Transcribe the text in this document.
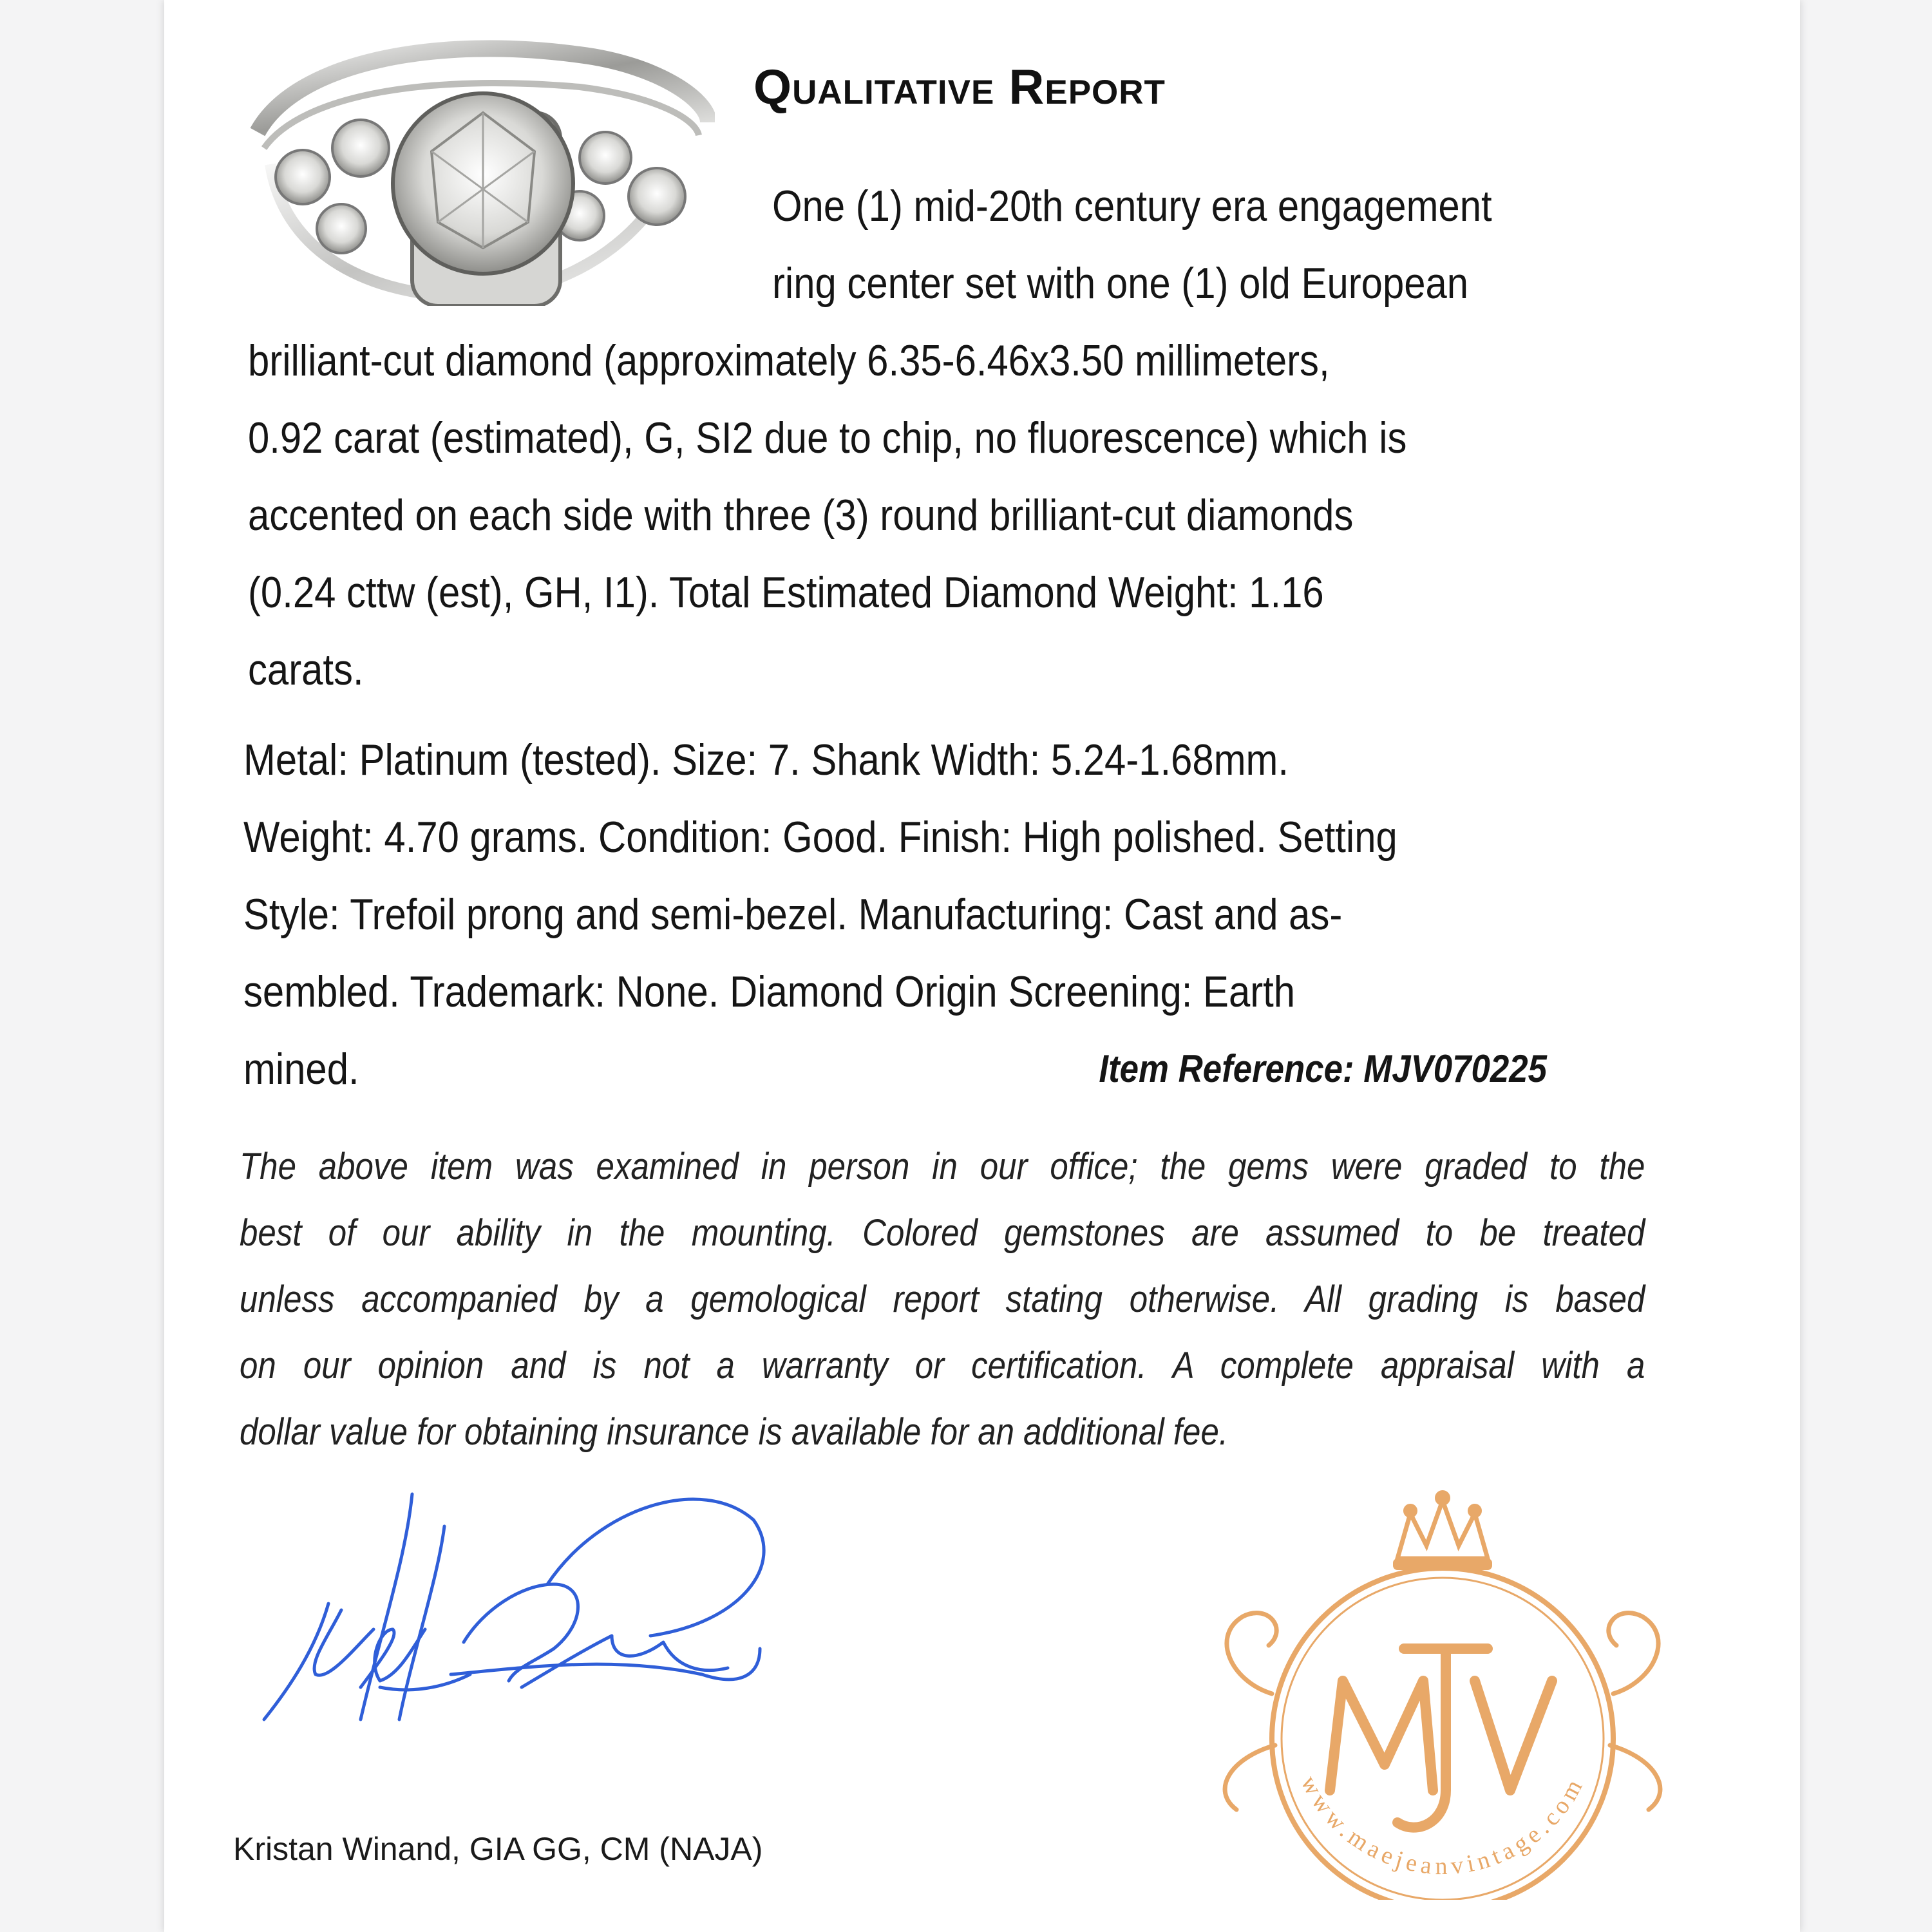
Qualitative Report
One (1) mid-20th century era engagement
ring center set with one (1) old European
brilliant-cut diamond (approximately 6.35-6.46x3.50 millimeters,
0.92 carat (estimated), G, SI2 due to chip, no fluorescence) which is
accented on each side with three (3) round brilliant-cut diamonds
(0.24 cttw (est), GH, I1). Total Estimated Diamond Weight: 1.16
carats.
Metal: Platinum (tested). Size: 7. Shank Width: 5.24-1.68mm.
Weight: 4.70 grams. Condition: Good. Finish: High polished. Setting
Style: Trefoil prong and semi-bezel. Manufacturing: Cast and as-
sembled. Trademark: None. Diamond Origin Screening: Earth
mined.	Item Reference: MJV070225
The above item was examined in person in our office; the gems were graded to the
best of our ability in the mounting. Colored gemstones are assumed to be treated
unless accompanied by a gemological report stating otherwise. All grading is based
on our opinion and is not a warranty or certification. A complete appraisal with a
dollar value for obtaining insurance is available for an additional fee.
Kristan Winand, GIA GG, CM (NAJA)
www.maejeanvintage.com
